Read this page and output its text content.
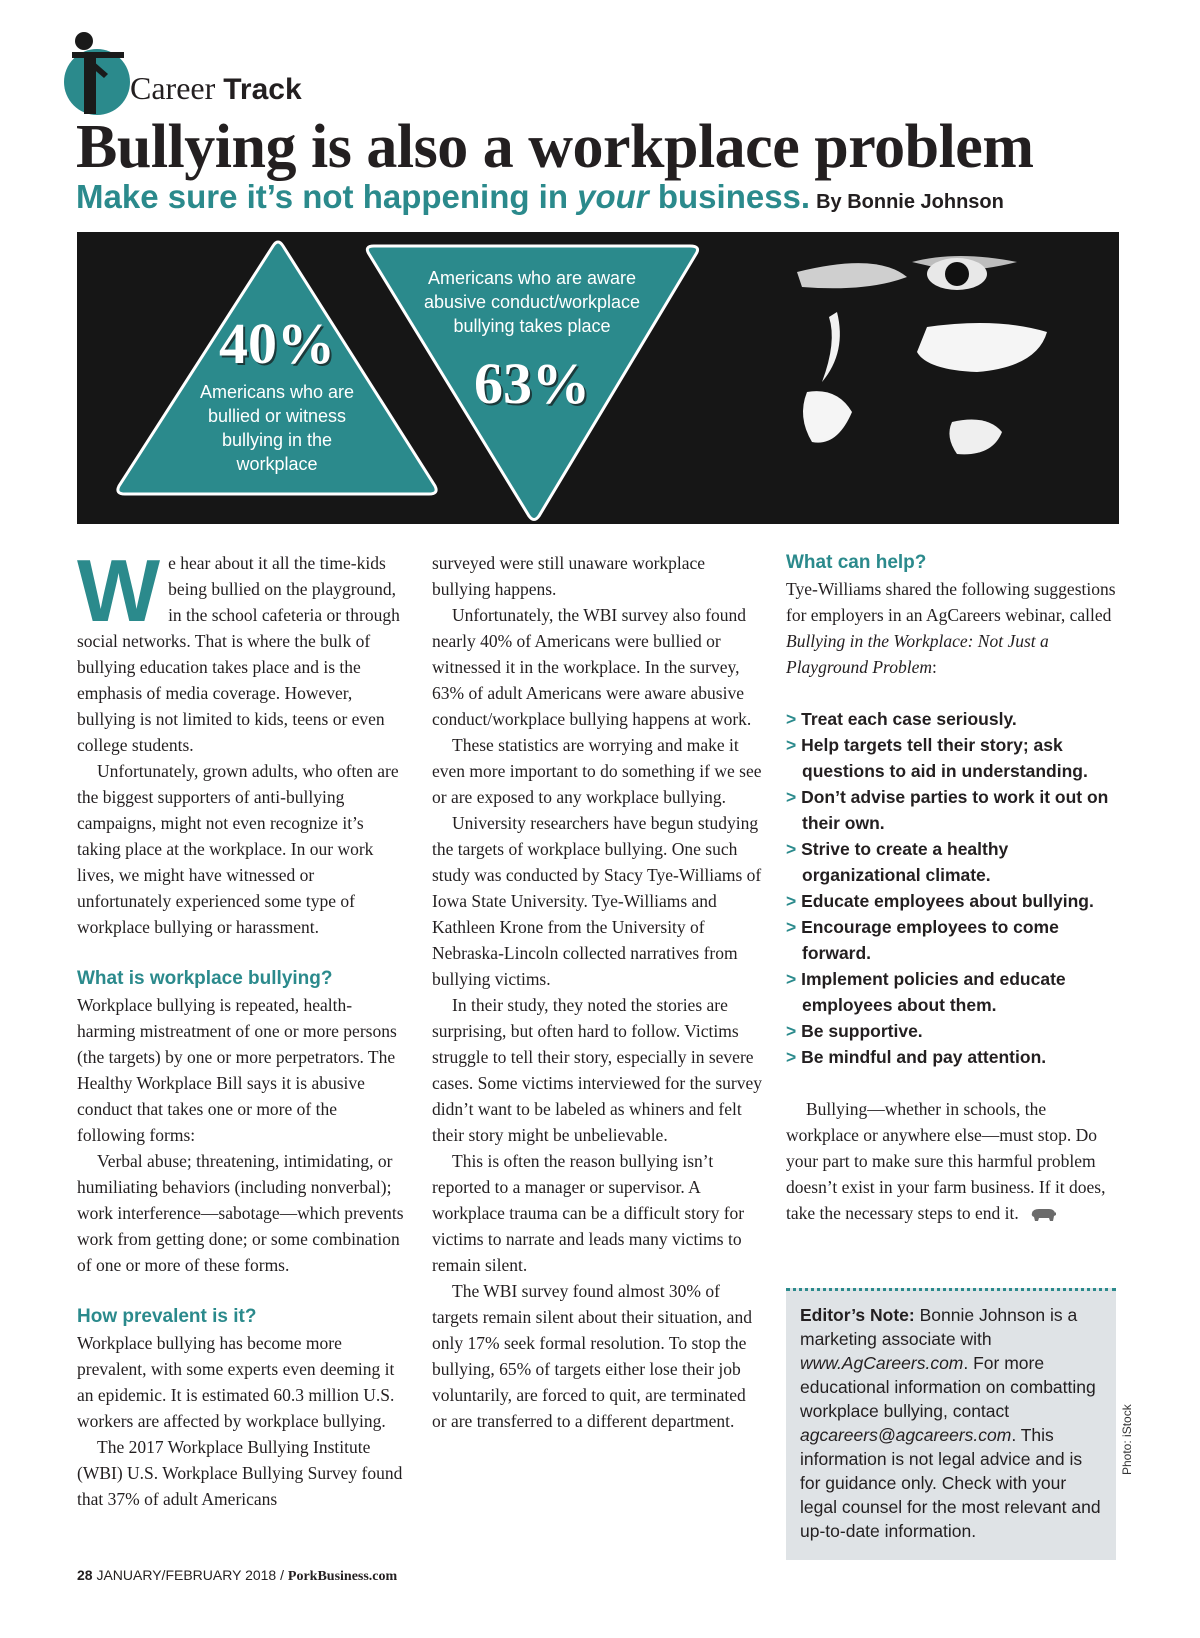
Career Track
Bullying is also a workplace problem
Make sure it’s not happening in your business. By Bonnie Johnson
40%
Americans who are
bullied or witness
bullying in the
workplace
Americans who are aware
abusive conduct/workplace
bullying takes place
63%

We hear about it all the time-kids being bullied on the playground, in the school cafeteria or through social networks. That is where the bulk of bullying education takes place and is the emphasis of media coverage. However, bullying is not limited to kids, teens or even college students.

Unfortunately, grown adults, who often are the biggest supporters of anti-bullying campaigns, might not even recognize it’s taking place at the workplace. In our work lives, we might have witnessed or unfortunately experienced some type of workplace bullying or harassment.

What is workplace bullying?

Workplace bullying is repeated, health-harming mistreatment of one or more persons (the targets) by one or more perpetrators. The Healthy Workplace Bill says it is abusive conduct that takes one or more of the following forms:

Verbal abuse; threatening, intimidating, or humiliating behaviors (including nonverbal); work interference—sabotage—which prevents work from getting done; or some combination of one or more of these forms.

How prevalent is it?

Workplace bullying has become more prevalent, with some experts even deeming it an epidemic. It is estimated 60.3 million U.S. workers are affected by workplace bullying.

The 2017 Workplace Bullying Institute (WBI) U.S. Workplace Bullying Survey found that 37% of adult Americans

surveyed were still unaware workplace bullying happens.

Unfortunately, the WBI survey also found nearly 40% of Americans were bullied or witnessed it in the workplace. In the survey, 63% of adult Americans were aware abusive conduct/workplace bullying happens at work.

These statistics are worrying and make it even more important to do something if we see or are exposed to any workplace bullying.

University researchers have begun studying the targets of workplace bullying. One such study was conducted by Stacy Tye-Williams of Iowa State University. Tye-Williams and Kathleen Krone from the University of Nebraska-Lincoln collected narratives from bullying victims.

In their study, they noted the stories are surprising, but often hard to follow. Victims struggle to tell their story, especially in severe cases. Some victims interviewed for the survey didn’t want to be labeled as whiners and felt their story might be unbelievable.

This is often the reason bullying isn’t reported to a manager or supervisor. A workplace trauma can be a difficult story for victims to narrate and leads many victims to remain silent.

The WBI survey found almost 30% of targets remain silent about their situation, and only 17% seek formal resolution. To stop the bullying, 65% of targets either lose their job voluntarily, are forced to quit, are terminated or are transferred to a different department.

What can help?

Tye-Williams shared the following suggestions for employers in an AgCareers webinar, called Bullying in the Workplace: Not Just a Playground Problem:

> Treat each case seriously.
> Help targets tell their story; ask questions to aid in understanding.
> Don’t advise parties to work it out on their own.
> Strive to create a healthy organizational climate.
> Educate employees about bullying.
> Encourage employees to come forward.
> Implement policies and educate employees about them.
> Be supportive.
> Be mindful and pay attention.

Bullying—whether in schools, the workplace or anywhere else—must stop. Do your part to make sure this harmful problem doesn’t exist in your farm business. If it does, take the necessary steps to end it.

Editor’s Note: Bonnie Johnson is a marketing associate with www.AgCareers.com. For more educational information on combatting workplace bullying, contact agcareers@agcareers.com. This information is not legal advice and is for guidance only. Check with your legal counsel for the most relevant and up-to-date information.
Photo: iStock
28 JANUARY/FEBRUARY 2018 / PorkBusiness.com
